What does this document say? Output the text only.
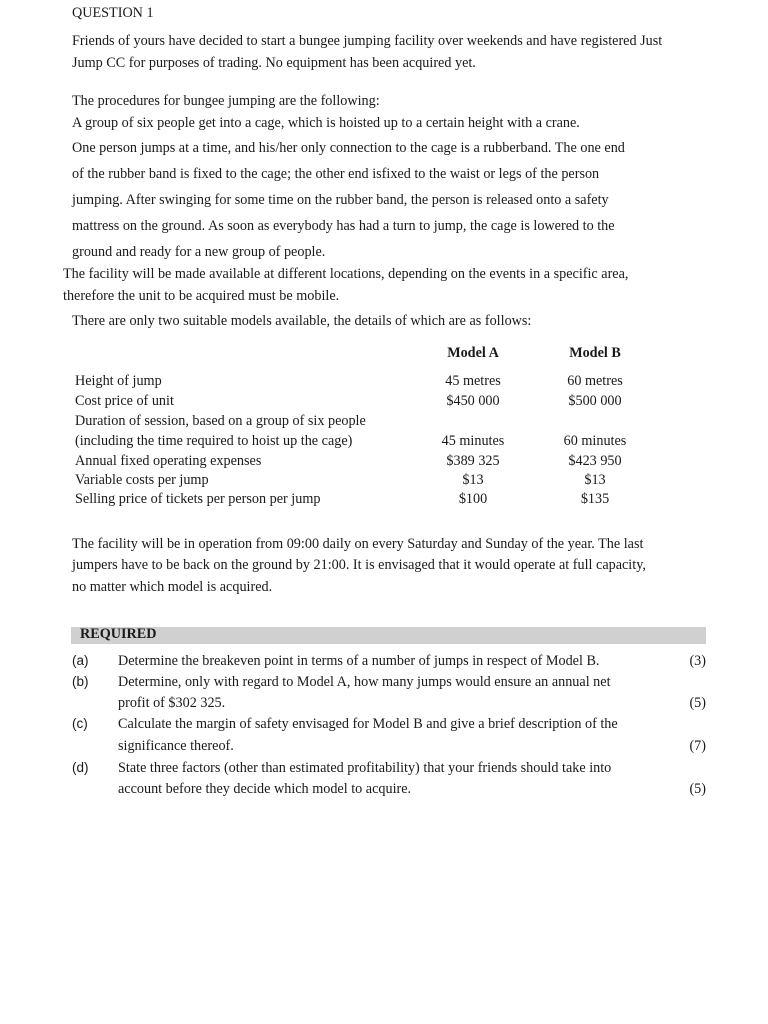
QUESTION 1
Friends of yours have decided to start a bungee jumping facility over weekends and have registered Just
Jump CC for purposes of trading. No equipment has been acquired yet.
The procedures for bungee jumping are the following:
A group of six people get into a cage, which is hoisted up to a certain height with a crane.
One person jumps at a time, and his/her only connection to the cage is a rubberband. The one end
of the rubber band is fixed to the cage; the other end isfixed to the waist or legs of the person
jumping. After swinging for some time on the rubber band, the person is released onto a safety
mattress on the ground. As soon as everybody has had a turn to jump, the cage is lowered to the
ground and ready for a new group of people.
The facility will be made available at different locations, depending on the events in a specific area,
therefore the unit to be acquired must be mobile.
There are only two suitable models available, the details of which are as follows:
Model A	Model B
Height of jump	45 metres	60 metres
Cost price of unit	$450 000	$500 000
Duration of session, based on a group of six people
(including the time required to hoist up the cage)	45 minutes	60 minutes
Annual fixed operating expenses	$389 325	$423 950
Variable costs per jump	$13	$13
Selling price of tickets per person per jump	$100	$135
The facility will be in operation from 09:00 daily on every Saturday and Sunday of the year. The last
jumpers have to be back on the ground by 21:00. It is envisaged that it would operate at full capacity,
no matter which model is acquired.
REQUIRED
(a) Determine the breakeven point in terms of a number of jumps in respect of Model B.	(3)
(b) Determine, only with regard to Model A, how many jumps would ensure an annual net
profit of $302 325.	(5)
(c) Calculate the margin of safety envisaged for Model B and give a brief description of the
significance thereof.	(7)
(d) State three factors (other than estimated profitability) that your friends should take into
account before they decide which model to acquire.	(5)
